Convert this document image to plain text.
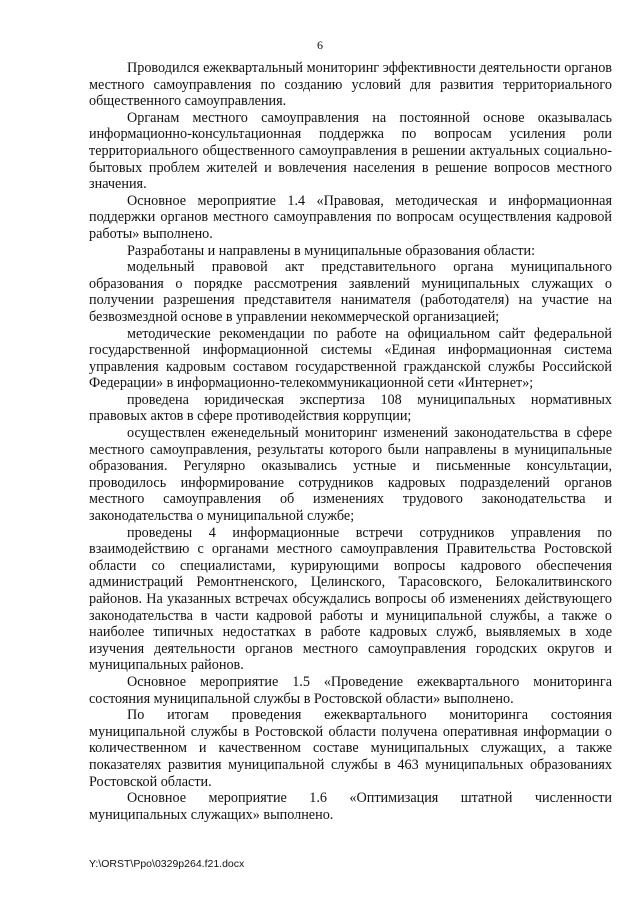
6

Проводился ежеквартальный мониторинг эффективности деятельности органов местного самоуправления по созданию условий для развития территориального общественного самоуправления.

Органам местного самоуправления на постоянной основе оказывалась информационно-консультационная поддержка по вопросам усиления роли территориального общественного самоуправления в решении актуальных социально-бытовых проблем жителей и вовлечения населения в решение вопросов местного значения.

Основное мероприятие 1.4 «Правовая, методическая и информационная поддержки органов местного самоуправления по вопросам осуществления кадровой работы» выполнено.

Разработаны и направлены в муниципальные образования области:

модельный правовой акт представительного органа муниципального образования о порядке рассмотрения заявлений муниципальных служащих о получении разрешения представителя нанимателя (работодателя) на участие на безвозмездной основе в управлении некоммерческой организацией;

методические рекомендации по работе на официальном сайт федеральной государственной информационной системы «Единая информационная система управления кадровым составом государственной гражданской службы Российской Федерации» в информационно-телекоммуникационной сети «Интернет»;

проведена юридическая экспертиза 108 муниципальных нормативных правовых актов в сфере противодействия коррупции;

осуществлен еженедельный мониторинг изменений законодательства в сфере местного самоуправления, результаты которого были направлены в муниципальные образования. Регулярно оказывались устные и письменные консультации, проводилось информирование сотрудников кадровых подразделений органов местного самоуправления об изменениях трудового законодательства и законодательства о муниципальной службе;

проведены 4 информационные встречи сотрудников управления по взаимодействию с органами местного самоуправления Правительства Ростовской области со специалистами, курирующими вопросы кадрового обеспечения администраций Ремонтненского, Целинского, Тарасовского, Белокалитвинского районов. На указанных встречах обсуждались вопросы об изменениях действующего законодательства в части кадровой работы и муниципальной службы, а также о наиболее типичных недостатках в работе кадровых служб, выявляемых в ходе изучения деятельности органов местного самоуправления городских округов и муниципальных районов.

Основное мероприятие 1.5 «Проведение ежеквартального мониторинга состояния муниципальной службы в Ростовской области» выполнено.

По итогам проведения ежеквартального мониторинга состояния муниципальной службы в Ростовской области получена оперативная информации о количественном и качественном составе муниципальных служащих, а также показателях развития муниципальной службы в 463 муниципальных образованиях Ростовской области.

Основное мероприятие 1.6 «Оптимизация штатной численности муниципальных служащих» выполнено.

Y:\ORST\Ppo\0329p264.f21.docx
